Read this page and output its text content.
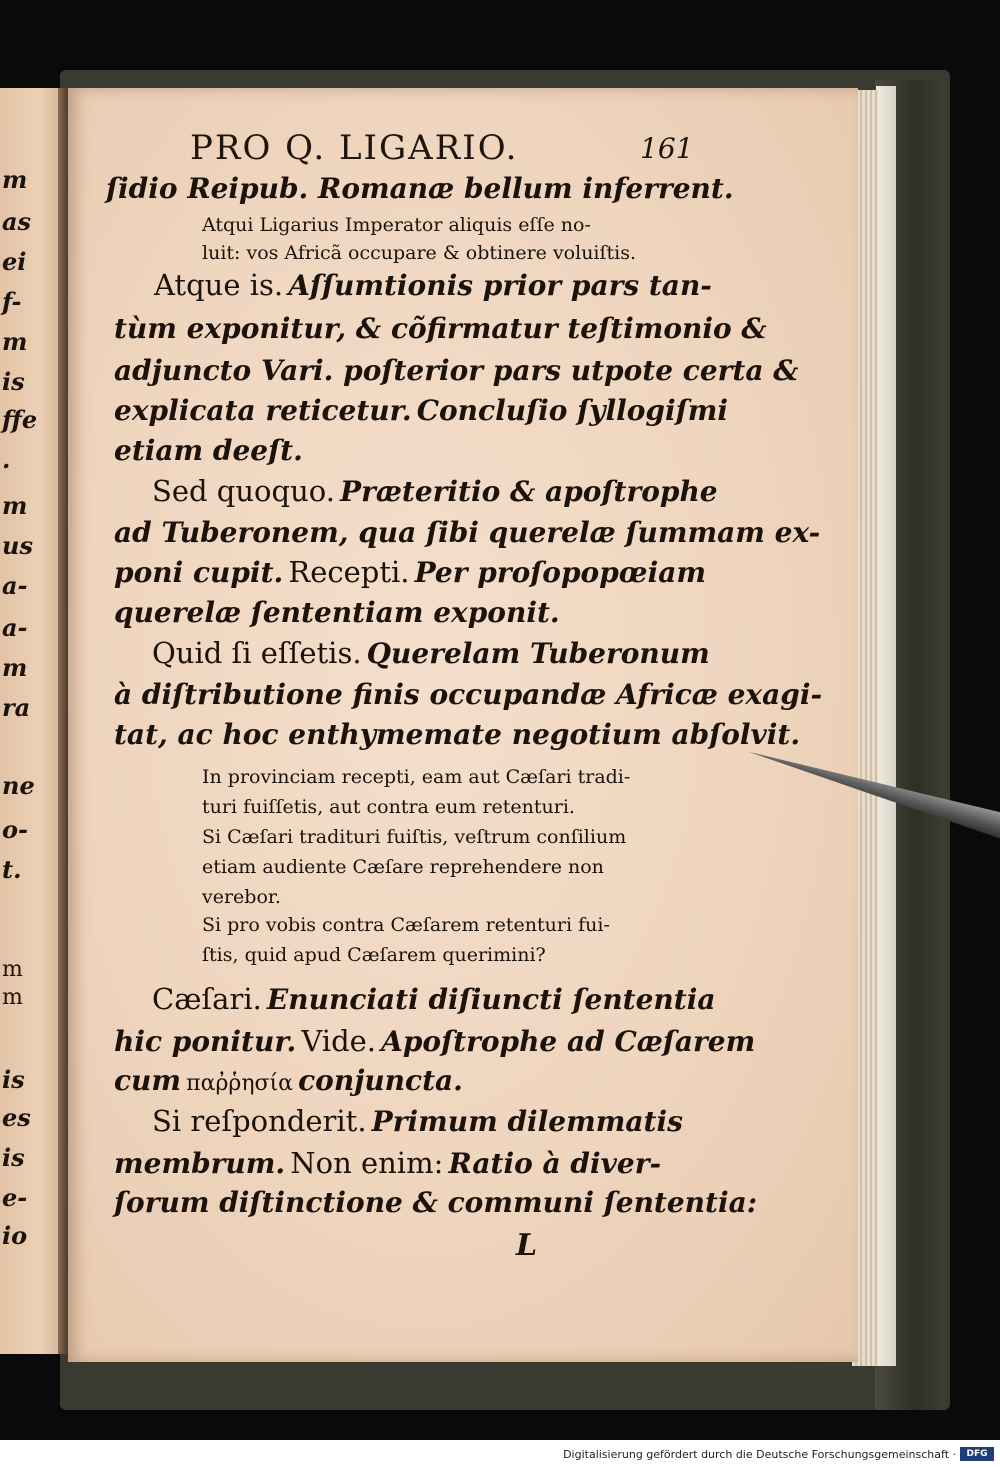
m
as
ei
f-
m
is
ffe
.
m
us
a-
a-
m
ra
ne
o-
t.
m
m
is
es
is
e-
io
PRO Q. LIGARIO.	161
ſidio Reipub. Romanæ bellum inferrent.
Atqui Ligarius Imperator aliquis eſſe no-
luit: vos Africã occupare & obtinere voluiſtis.
Atque is. Aſſumtionis prior pars tan-
tùm exponitur, & cõfirmatur teſtimonio &
adjuncto Vari. poſterior pars utpote certa &
explicata reticetur. Concluſio ſyllogiſmi
etiam deeſt.
Sed quoquo. Præteritio & apoſtrophe
ad Tuberonem, qua ſibi querelæ ſummam ex-
poni cupit. Recepti. Per proſopopœiam
querelæ ſententiam exponit.
Quid ſi eſſetis. Querelam Tuberonum
à diſtributione finis occupandæ Africæ exagi-
tat, ac hoc enthymemate negotium abſolvit.
In provinciam recepti, eam aut Cæſari tradi-
turi fuiſſetis, aut contra eum retenturi.
Si Cæſari tradituri fuiſtis, veſtrum conſilium
etiam audiente Cæſare reprehendere non
verebor.
Si pro vobis contra Cæſarem retenturi fui-
ſtis, quid apud Cæſarem querimini?
Cæſari. Enunciati diſiuncti ſententia
hic ponitur. Vide. Apoſtrophe ad Cæſarem
cum παῤῥησία conjuncta.
Si reſponderit. Primum dilemmatis
membrum. Non enim: Ratio à diver-
ſorum diſtinctione & communi ſententia:
L
Digitalisierung gefördert durch die Deutsche Forschungsgemeinschaft ·	DFG
